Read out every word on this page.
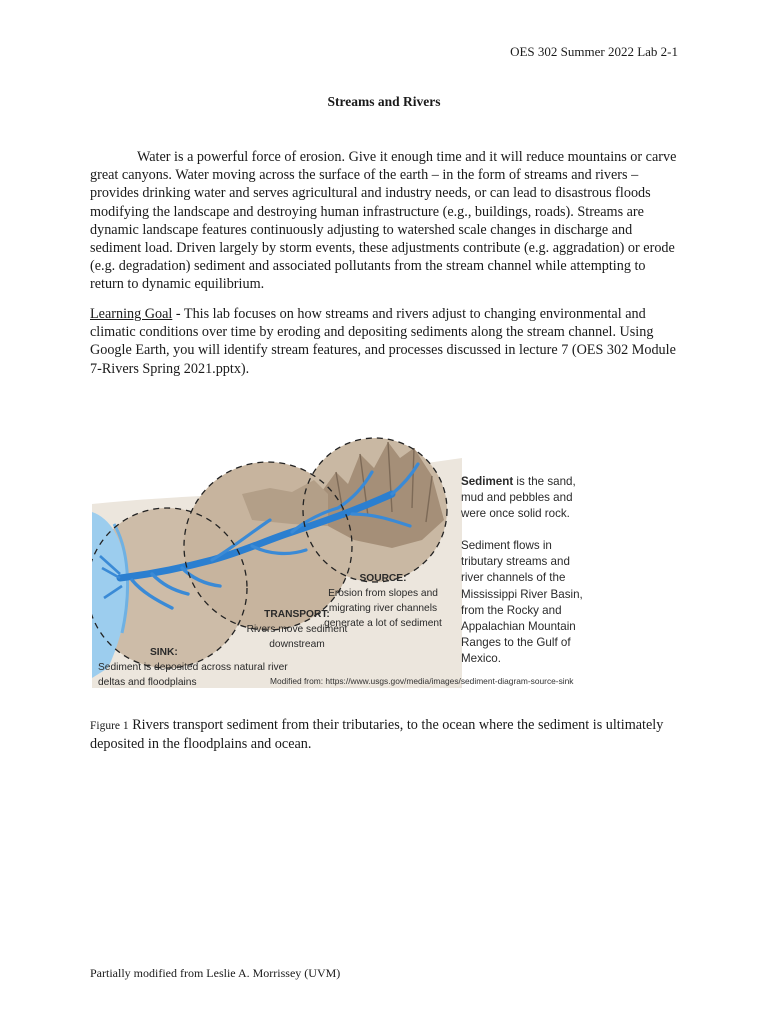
OES 302 Summer 2022 Lab 2-1
Streams and Rivers

Water is a powerful force of erosion. Give it enough time and it will reduce mountains or carve great canyons. Water moving across the surface of the earth – in the form of streams and rivers – provides drinking water and serves agricultural and industry needs, or can lead to disastrous floods modifying the landscape and destroying human infrastructure (e.g., buildings, roads). Streams are dynamic landscape features continuously adjusting to watershed scale changes in discharge and sediment load. Driven largely by storm events, these adjustments contribute (e.g. aggradation) or erode (e.g. degradation) sediment and associated pollutants from the stream channel while attempting to return to dynamic equilibrium.

Learning Goal - This lab focuses on how streams and rivers adjust to changing environmental and climatic conditions over time by eroding and depositing sediments along the stream channel. Using Google Earth, you will identify stream features, and processes discussed in lecture 7 (OES 302 Module 7-Rivers Spring 2021.pptx).

Sediment is the sand, mud and pebbles and were once solid rock.
Sediment flows in tributary streams and river channels of the Mississippi River Basin, from the Rocky and Appalachian Mountain Ranges to the Gulf of Mexico.
SOURCE:
Erosion from slopes and migrating river channels generate a lot of sediment
TRANSPORT:
Rivers move sediment downstream
SINK:
Sediment is deposited across natural river deltas and floodplains	Modified from: https://www.usgs.gov/media/images/sediment-diagram-source-sink
Figure 1 Rivers transport sediment from their tributaries, to the ocean where the sediment is ultimately deposited in the floodplains and ocean.
Partially modified from Leslie A. Morrissey (UVM)
